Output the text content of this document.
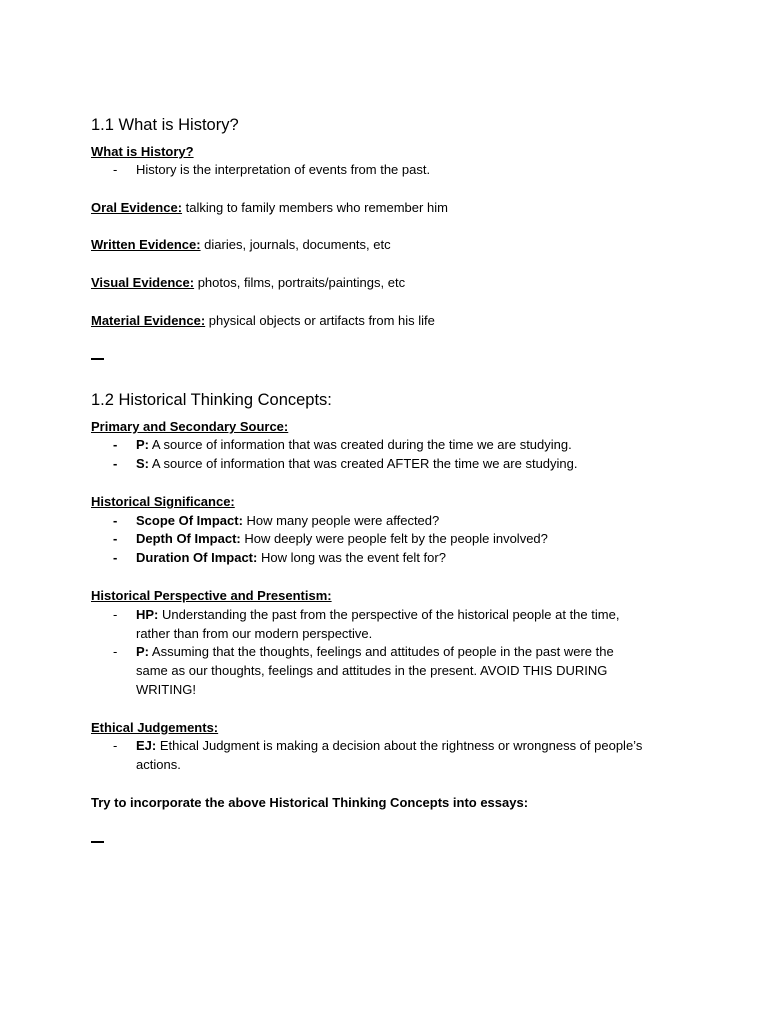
1.1 What is History?
What is History?
- History is the interpretation of events from the past.
Oral Evidence: talking to family members who remember him
Written Evidence: diaries, journals, documents, etc
Visual Evidence: photos, films, portraits/paintings, etc
Material Evidence: physical objects or artifacts from his life
1.2 Historical Thinking Concepts:
Primary and Secondary Source:
- P: A source of information that was created during the time we are studying.
- S: A source of information that was created AFTER the time we are studying.
Historical Significance:
- Scope Of Impact: How many people were affected?
- Depth Of Impact: How deeply were people felt by the people involved?
- Duration Of Impact: How long was the event felt for?
Historical Perspective and Presentism:
- HP: Understanding the past from the perspective of the historical people at the time,
rather than from our modern perspective.
- P: Assuming that the thoughts, feelings and attitudes of people in the past were the
same as our thoughts, feelings and attitudes in the present. AVOID THIS DURING
WRITING!
Ethical Judgements:
- EJ: Ethical Judgment is making a decision about the rightness or wrongness of people’s
actions.
Try to incorporate the above Historical Thinking Concepts into essays:
